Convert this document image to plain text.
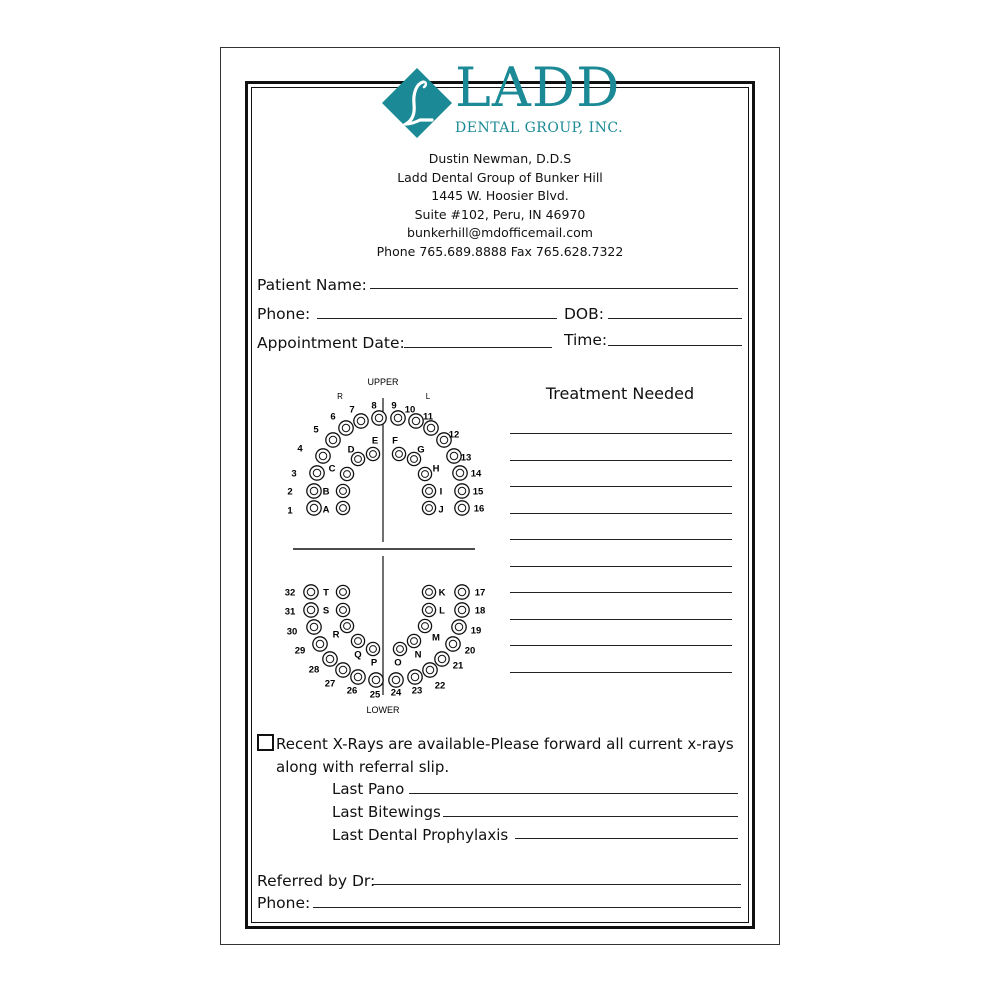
LADD
DENTAL GROUP, INC.
Dustin Newman, D.D.S
Ladd Dental Group of Bunker Hill
1445 W. Hoosier Blvd.
Suite #102, Peru, IN 46970
bunkerhill@mdofficemail.com
Phone 765.689.8888 Fax 765.628.7322
Patient Name:
Phone:	DOB:
Appointment Date:	Time:
UPPER
LOWER
R	L
1
2
3
4
5
6
7 8 9 10
11
12
13
14
15
16
A
B
C
D
E F
G
H
I
J
17
18
19
20
21
22
23
24
25
26
27
28
29
30
31
32	K
L
M
N
O
P
Q
R
S
T
Treatment Needed
Recent X-Rays are available-Please forward all current x-rays
along with referral slip.
Last Pano
Last Bitewings
Last Dental Prophylaxis
Referred by Dr:
Phone:
